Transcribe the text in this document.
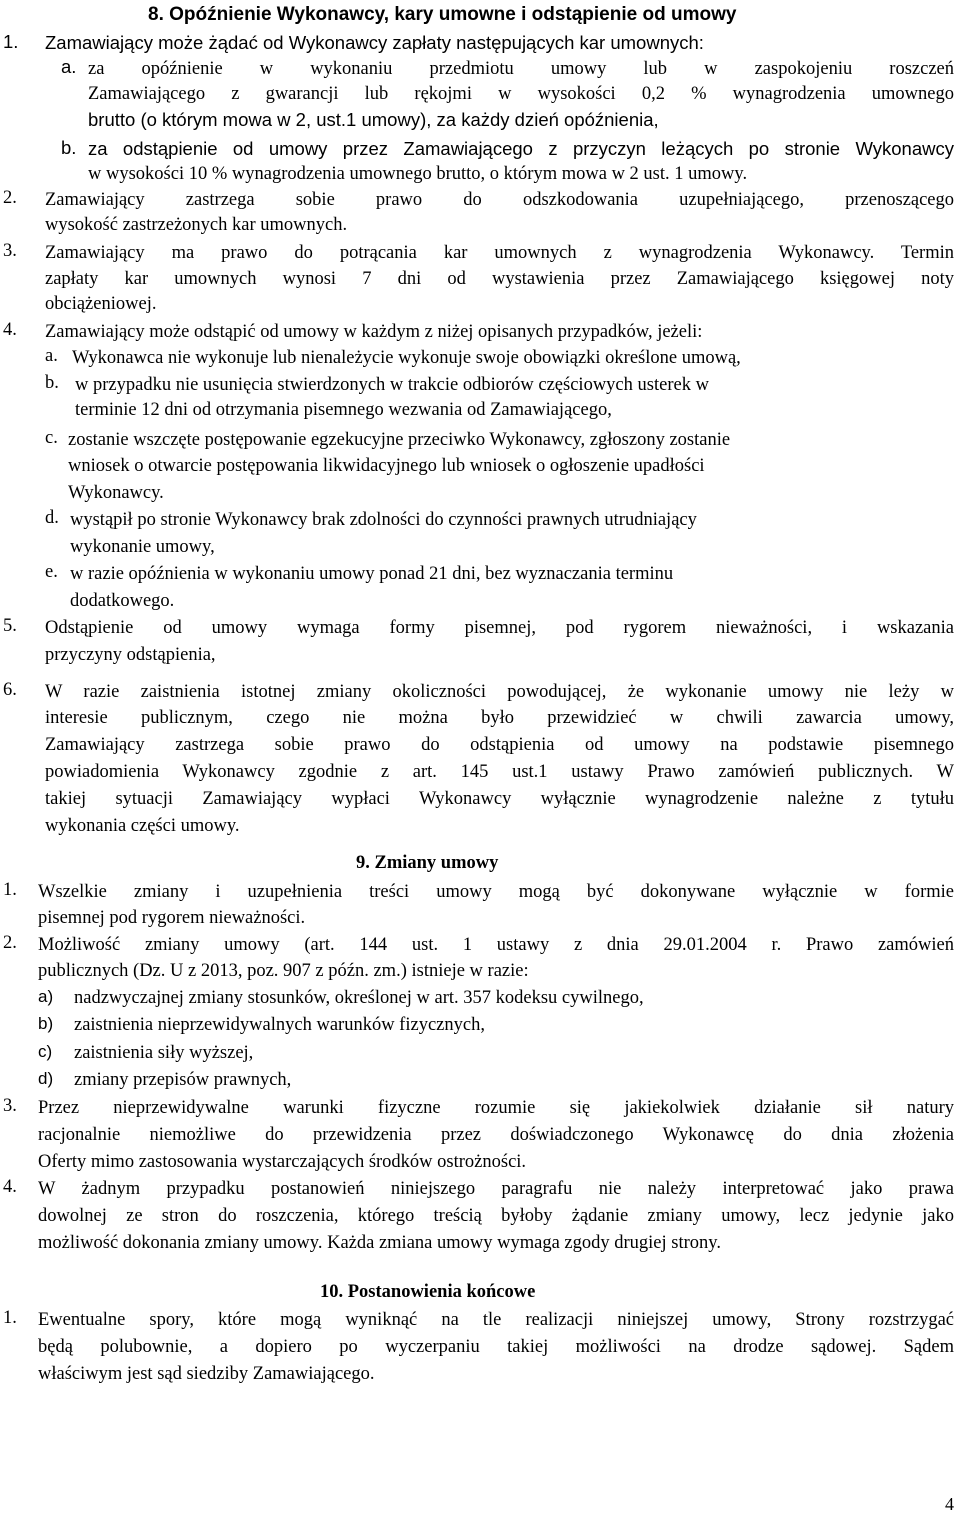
8. Opóźnienie Wykonawcy, kary umowne i odstąpienie od umowy
1. Zamawiający może żądać od Wykonawcy zapłaty następujących kar umownych:
a. za opóźnienie w wykonaniu przedmiotu umowy lub w zaspokojeniu roszczeń
Zamawiającego z gwarancji lub rękojmi w wysokości 0,2 % wynagrodzenia umownego
brutto (o którym mowa w 2, ust.1 umowy), za każdy dzień opóźnienia,
b. za odstąpienie od umowy przez Zamawiającego z przyczyn leżących po stronie Wykonawcy
w wysokości 10 % wynagrodzenia umownego brutto, o którym mowa w 2 ust. 1 umowy.
2. Zamawiający zastrzega sobie prawo do odszkodowania uzupełniającego, przenoszącego
wysokość zastrzeżonych kar umownych.
3. Zamawiający ma prawo do potrącania kar umownych z wynagrodzenia Wykonawcy. Termin
zapłaty kar umownych wynosi 7 dni od wystawienia przez Zamawiającego księgowej noty
obciążeniowej.
4. Zamawiający może odstąpić od umowy w każdym z niżej opisanych przypadków, jeżeli:
a. Wykonawca nie wykonuje lub nienależycie wykonuje swoje obowiązki określone umową,
b. w przypadku nie usunięcia stwierdzonych w trakcie odbiorów częściowych usterek w
terminie 12 dni od otrzymania pisemnego wezwania od Zamawiającego,
c. zostanie wszczęte postępowanie egzekucyjne przeciwko Wykonawcy, zgłoszony zostanie
wniosek o otwarcie postępowania likwidacyjnego lub wniosek o ogłoszenie upadłości
Wykonawcy.
d. wystąpił po stronie Wykonawcy brak zdolności do czynności prawnych utrudniający
wykonanie umowy,
e. w razie opóźnienia w wykonaniu umowy ponad 21 dni, bez wyznaczania terminu
dodatkowego.
5. Odstąpienie od umowy wymaga formy pisemnej, pod rygorem nieważności, i wskazania
przyczyny odstąpienia,
6. W razie zaistnienia istotnej zmiany okoliczności powodującej, że wykonanie umowy nie leży w
interesie publicznym, czego nie można było przewidzieć w chwili zawarcia umowy,
Zamawiający zastrzega sobie prawo do odstąpienia od umowy na podstawie pisemnego
powiadomienia Wykonawcy zgodnie z art. 145 ust.1 ustawy Prawo zamówień publicznych. W
takiej sytuacji Zamawiający wypłaci Wykonawcy wyłącznie wynagrodzenie należne z tytułu
wykonania części umowy.
9. Zmiany umowy
1. Wszelkie zmiany i uzupełnienia treści umowy mogą być dokonywane wyłącznie w formie
pisemnej pod rygorem nieważności.
2. Możliwość zmiany umowy (art. 144 ust. 1 ustawy z dnia 29.01.2004 r. Prawo zamówień
publicznych (Dz. U z 2013, poz. 907 z późn. zm.) istnieje w razie:
a) nadzwyczajnej zmiany stosunków, określonej w art. 357 kodeksu cywilnego,
b) zaistnienia nieprzewidywalnych warunków fizycznych,
c) zaistnienia siły wyższej,
d) zmiany przepisów prawnych,
3. Przez nieprzewidywalne warunki fizyczne rozumie się jakiekolwiek działanie sił natury
racjonalnie niemożliwe do przewidzenia przez doświadczonego Wykonawcę do dnia złożenia
Oferty mimo zastosowania wystarczających środków ostrożności.
4. W żadnym przypadku postanowień niniejszego paragrafu nie należy interpretować jako prawa
dowolnej ze stron do roszczenia, którego treścią byłoby żądanie zmiany umowy, lecz jedynie jako
możliwość dokonania zmiany umowy. Każda zmiana umowy wymaga zgody drugiej strony.
10. Postanowienia końcowe
1. Ewentualne spory, które mogą wyniknąć na tle realizacji niniejszej umowy, Strony rozstrzygać
będą polubownie, a dopiero po wyczerpaniu takiej możliwości na drodze sądowej. Sądem
właściwym jest sąd siedziby Zamawiającego.
4
